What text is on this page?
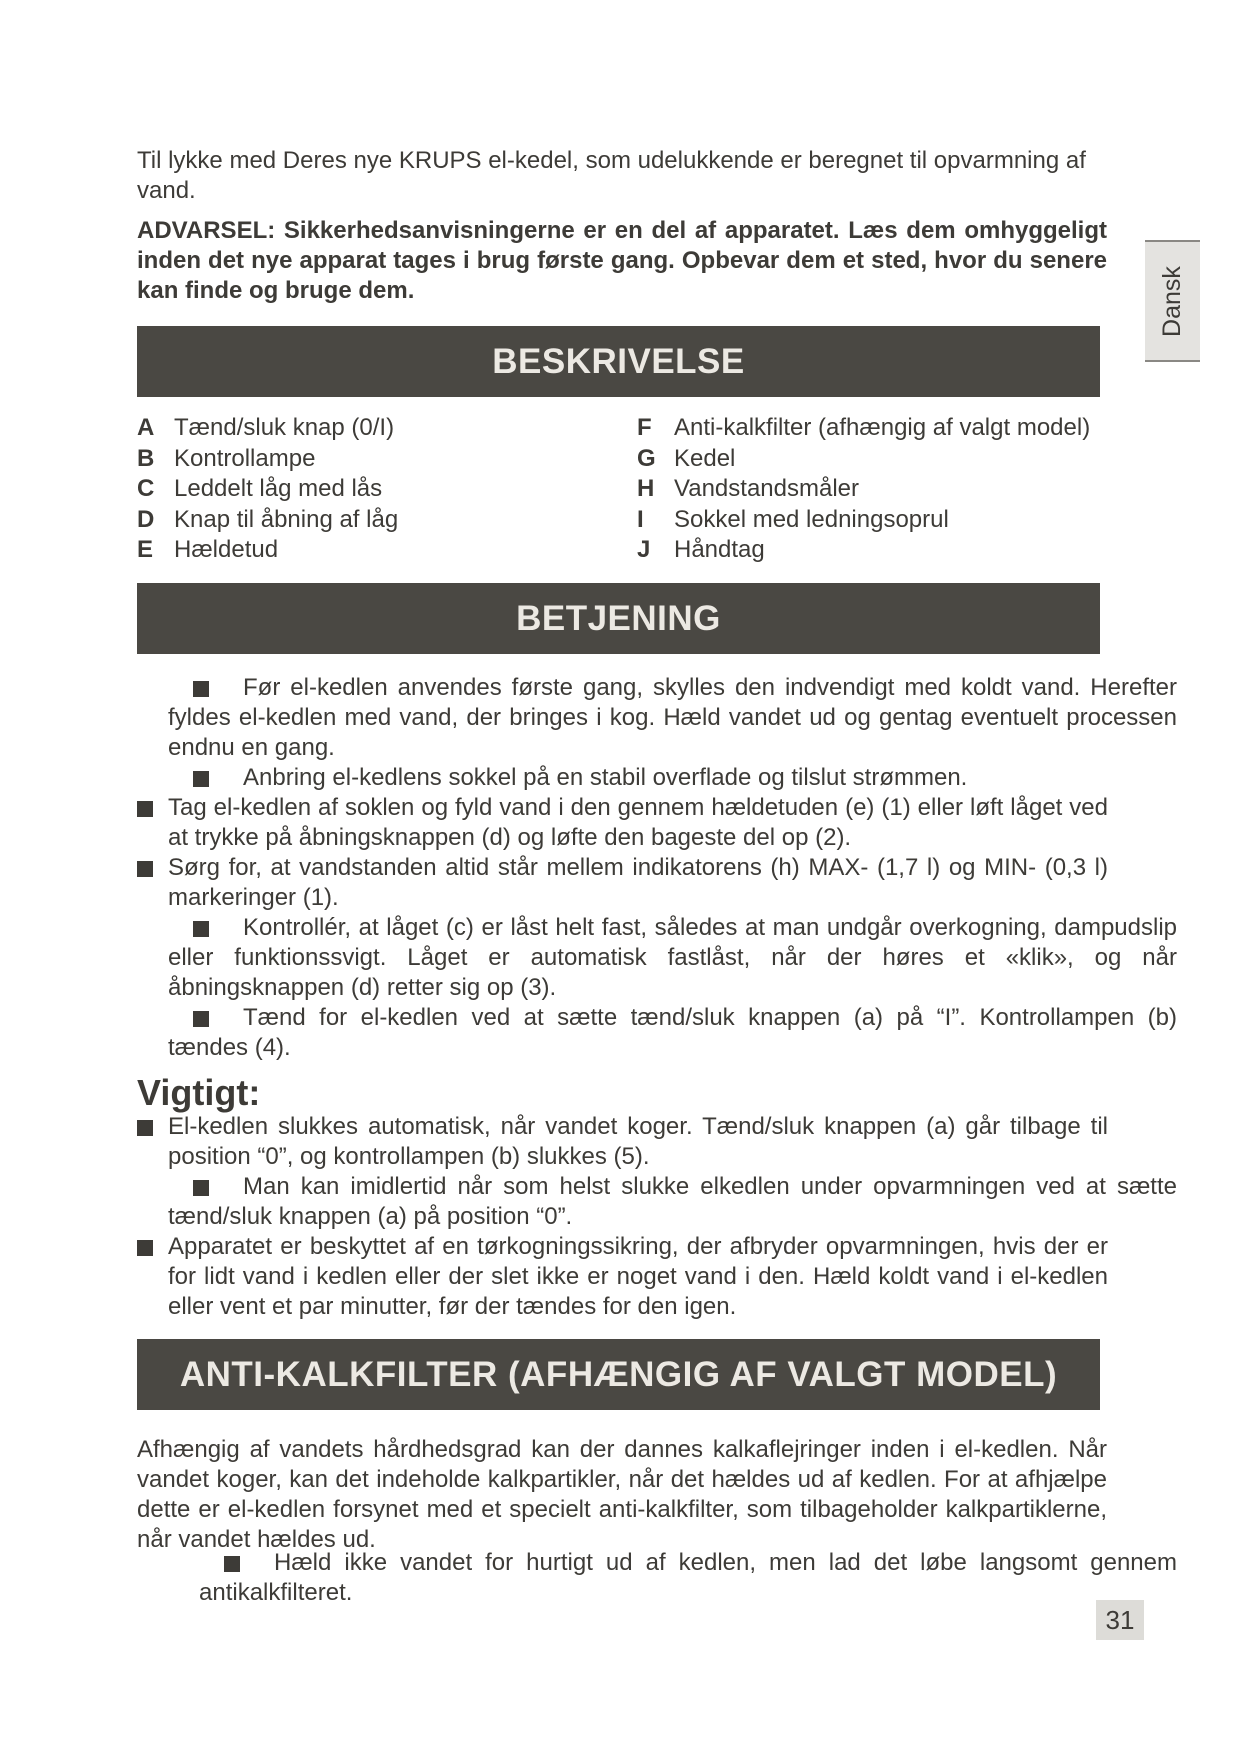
Til lykke med Deres nye KRUPS el-kedel, som udelukkende er beregnet til opvarmning af vand.

ADVARSEL: Sikkerhedsanvisningerne er en del af apparatet. Læs dem omhyggeligt inden det nye apparat tages i brug første gang. Opbevar dem et sted, hvor du senere kan finde og bruge dem.	Dansk
BESKRIVELSE
A Tænd/sluk knap (0/I)
B Kontrollampe
C Leddelt låg med lås
D Knap til åbning af låg
E Hældetud
F Anti-kalkfilter (afhængig af valgt model)
G Kedel
H Vandstandsmåler
I Sokkel med ledningsoprul
J Håndtag
BETJENING

Før el-kedlen anvendes første gang, skylles den indvendigt med koldt vand. Herefter fyldes el-kedlen med vand, der bringes i kog. Hæld vandet ud og gentag eventuelt processen endnu en gang.

Anbring el-kedlens sokkel på en stabil overflade og tilslut strømmen.

Tag el-kedlen af soklen og fyld vand i den gennem hældetuden (e) (1) eller løft låget ved at trykke på åbningsknappen (d) og løfte den bageste del op (2).

Sørg for, at vandstanden altid står mellem indikatorens (h) MAX- (1,7 l) og MIN- (0,3 l) markeringer (1).

Kontrollér, at låget (c) er låst helt fast, således at man undgår overkogning, dampudslip eller funktionssvigt. Låget er automatisk fastlåst, når der høres et «klik», og når åbningsknappen (d) retter sig op (3).

Tænd for el-kedlen ved at sætte tænd/sluk knappen (a) på “I”. Kontrollampen (b) tændes (4).

Vigtigt:

El-kedlen slukkes automatisk, når vandet koger. Tænd/sluk knappen (a) går tilbage til position “0”, og kontrollampen (b) slukkes (5).

Man kan imidlertid når som helst slukke elkedlen under opvarmningen ved at sætte tænd/sluk knappen (a) på position “0”.

Apparatet er beskyttet af en tørkogningssikring, der afbryder opvarmningen, hvis der er for lidt vand i kedlen eller der slet ikke er noget vand i den. Hæld koldt vand i el-kedlen eller vent et par minutter, før der tændes for den igen.

ANTI-KALKFILTER (AFHÆNGIG AF VALGT MODEL)

Afhængig af vandets hårdhedsgrad kan der dannes kalkaflejringer inden i el-kedlen. Når vandet koger, kan det indeholde kalkpartikler, når det hældes ud af kedlen. For at afhjælpe dette er el-kedlen forsynet med et specielt anti-kalkfilter, som tilbageholder kalkpartiklerne, når vandet hældes ud.

Hæld ikke vandet for hurtigt ud af kedlen, men lad det løbe langsomt gennem antikalkfilteret.

31
